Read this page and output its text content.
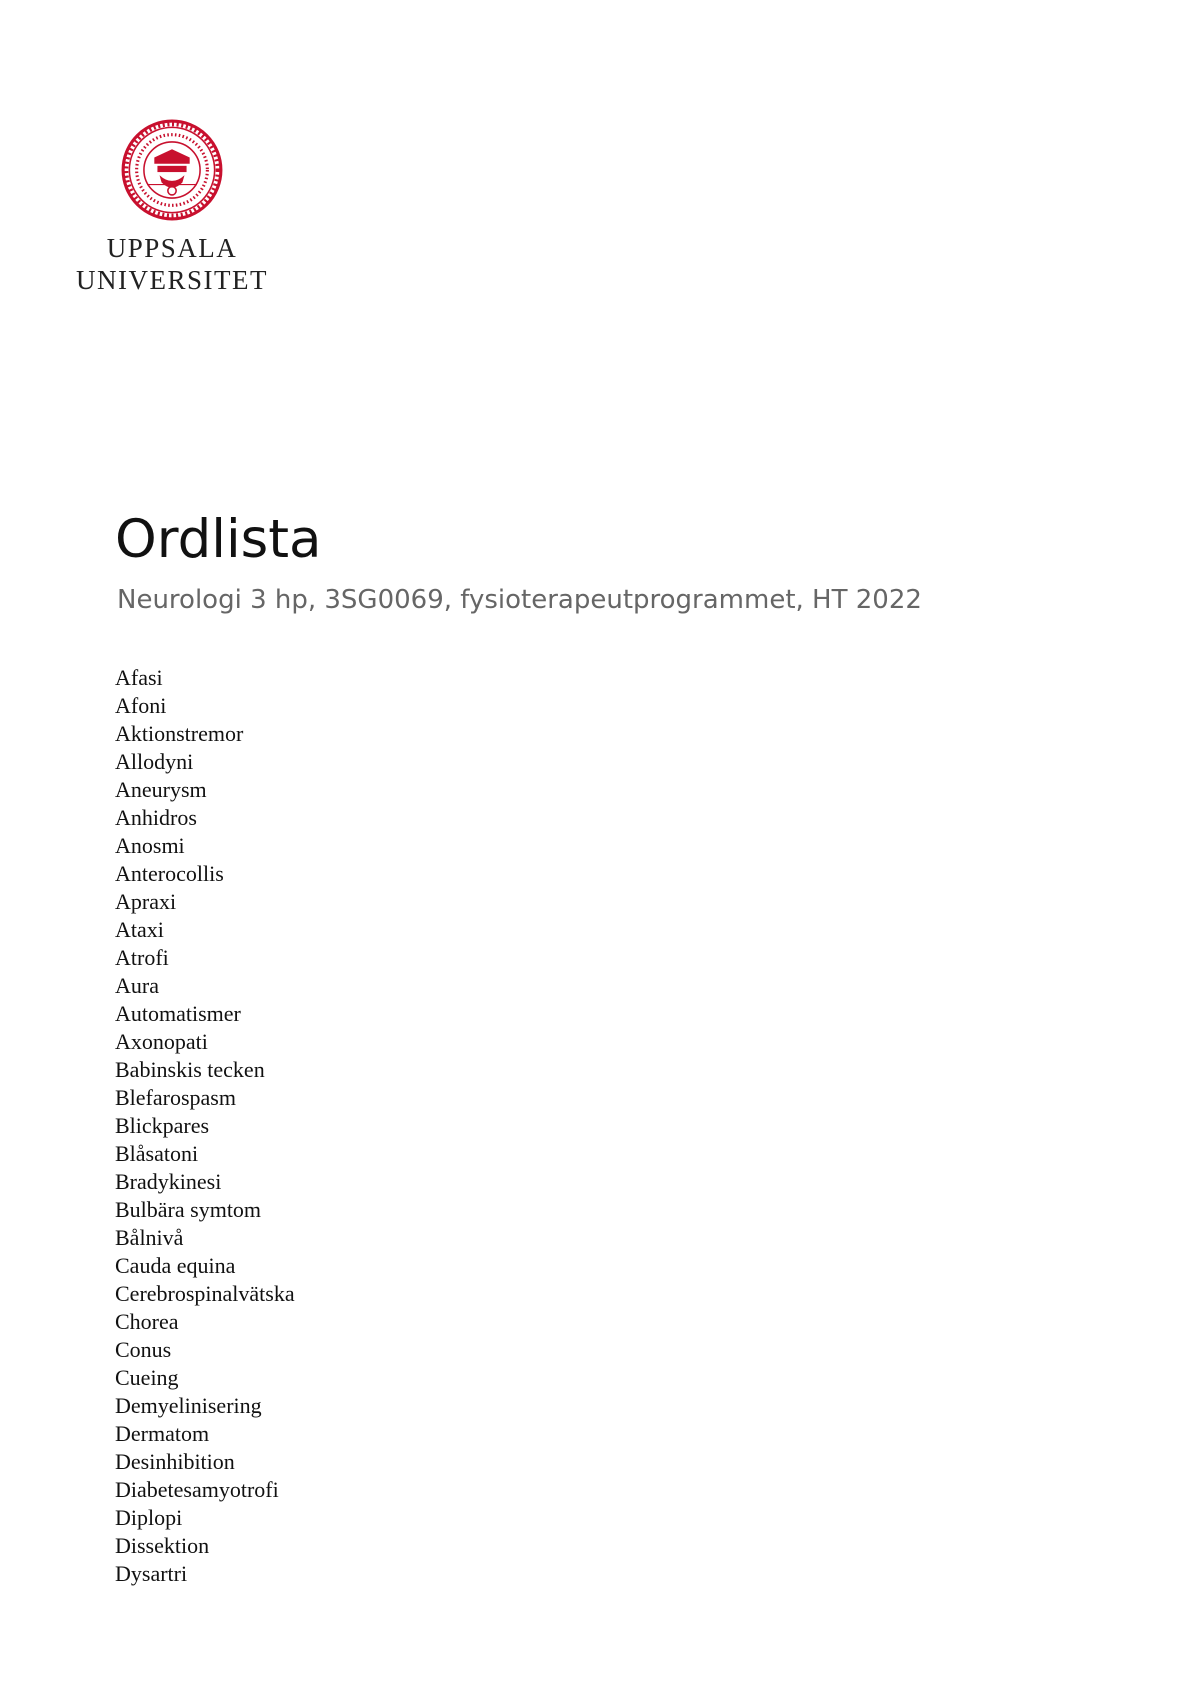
UPPSALA
UNIVERSITET
Ordlista

Neurologi 3 hp, 3SG0069, fysioterapeutprogrammet, HT 2022

Afasi
Afoni
Aktionstremor
Allodyni
Aneurysm
Anhidros
Anosmi
Anterocollis
Apraxi
Ataxi
Atrofi
Aura
Automatismer
Axonopati
Babinskis tecken
Blefarospasm
Blickpares
Blåsatoni
Bradykinesi
Bulbära symtom
Bålnivå
Cauda equina
Cerebrospinalvätska
Chorea
Conus
Cueing
Demyelinisering
Dermatom
Desinhibition
Diabetesamyotrofi
Diplopi
Dissektion
Dysartri
